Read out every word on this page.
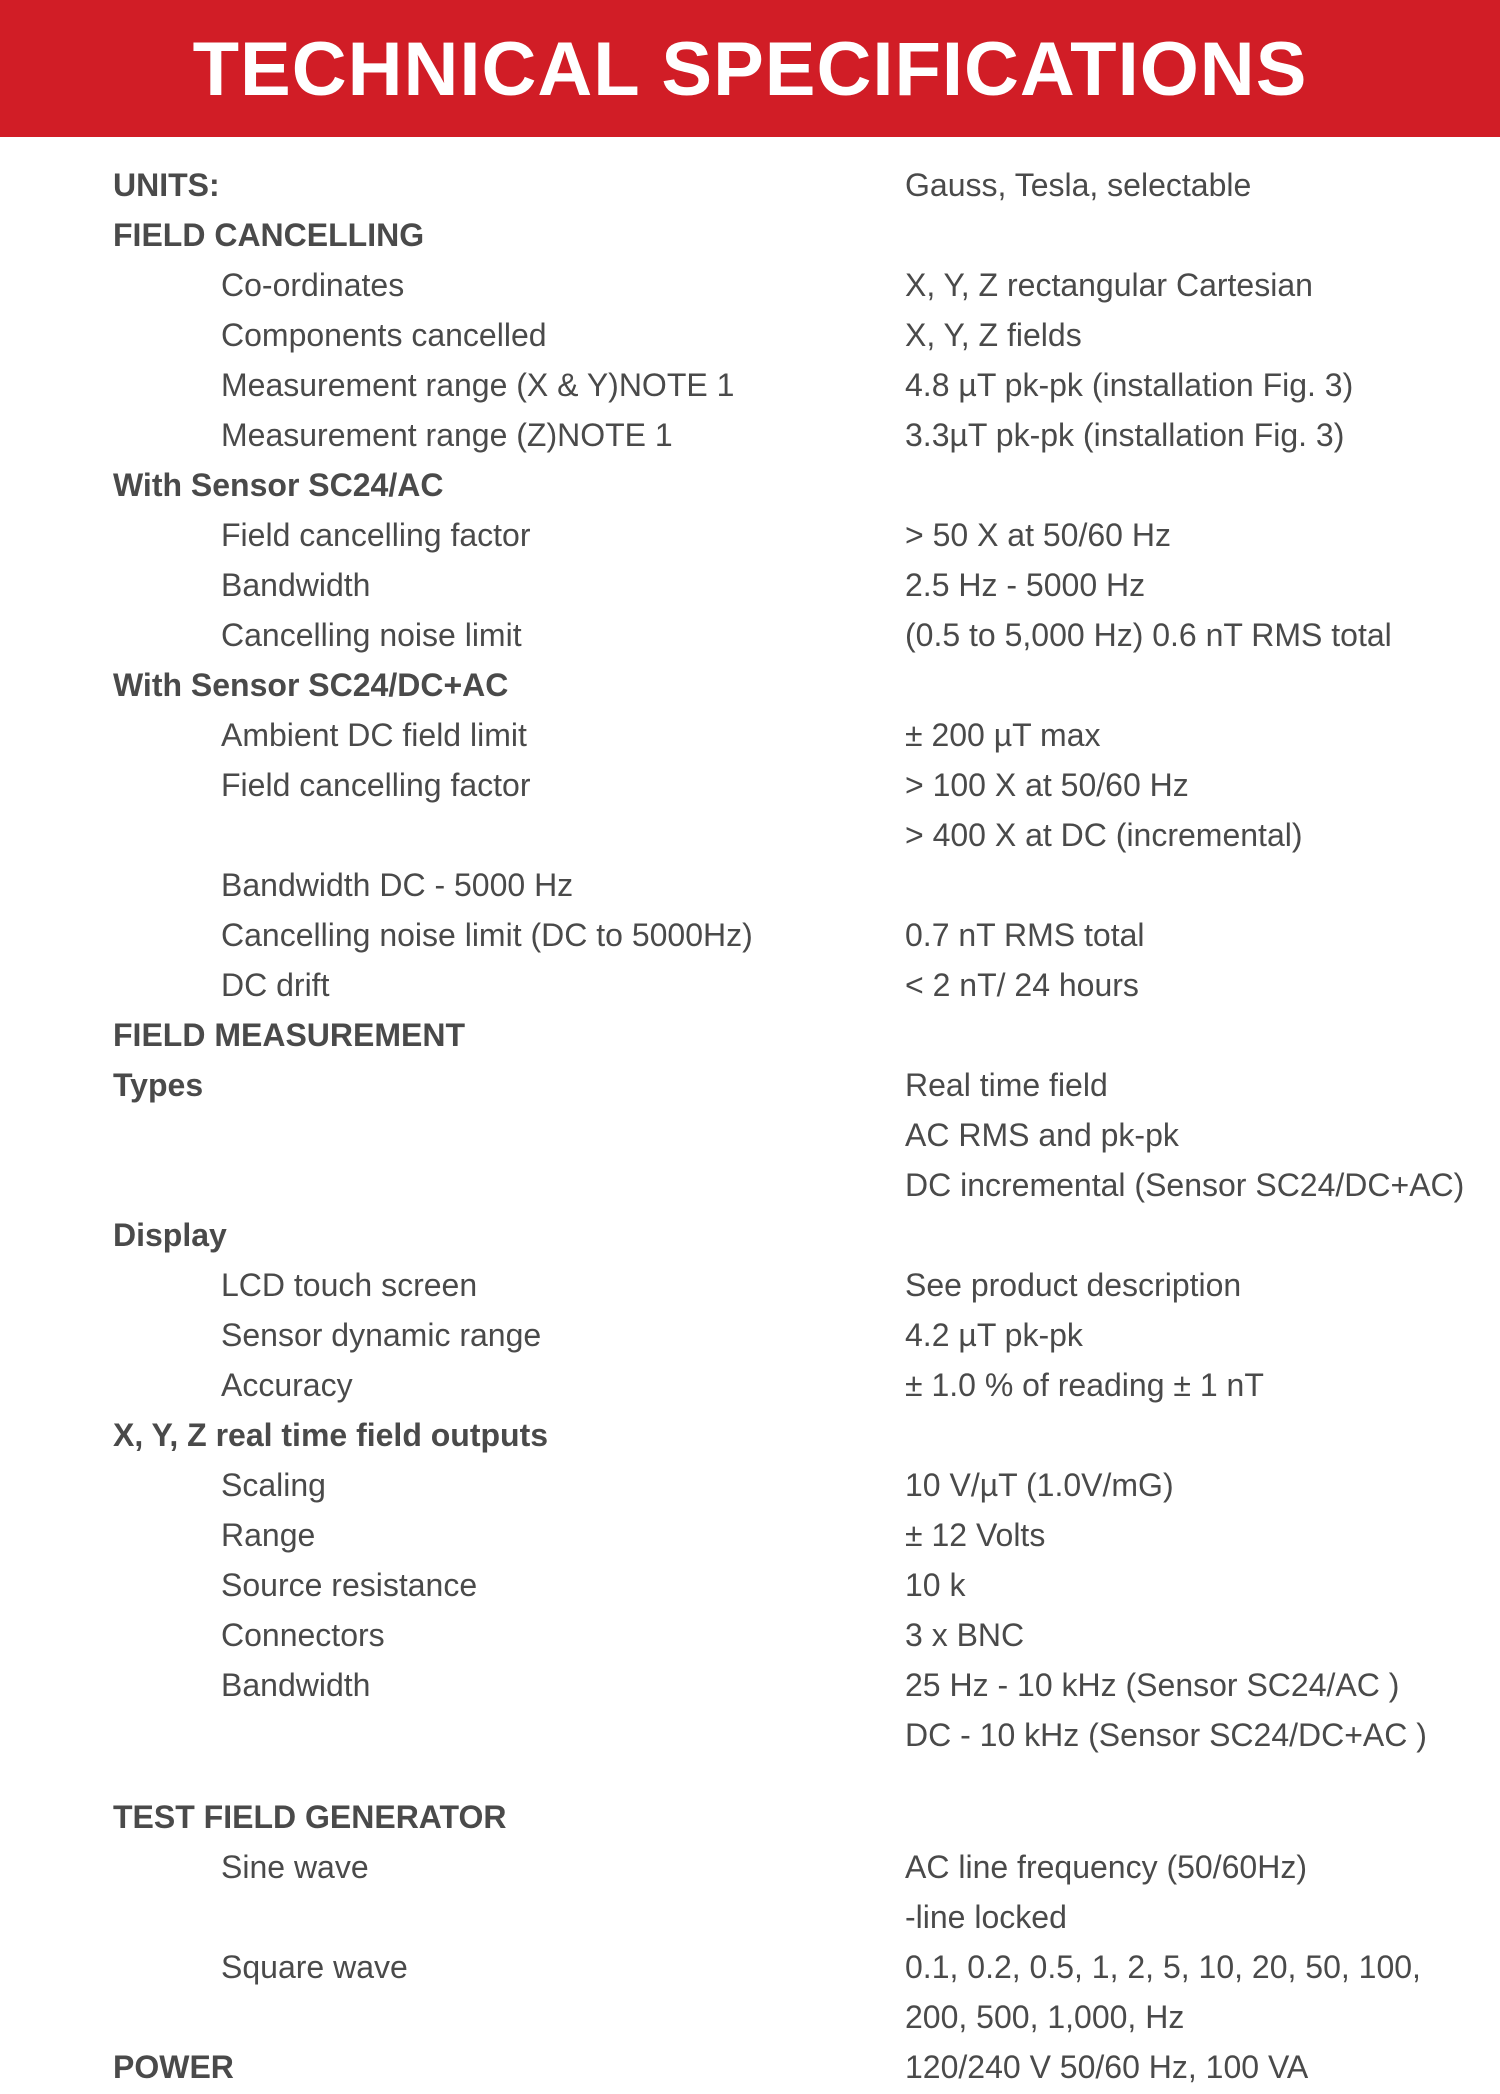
TECHNICAL SPECIFICATIONS
UNITS:	Gauss, Tesla, selectable
FIELD CANCELLING
Co-ordinates	X, Y, Z rectangular Cartesian
Components cancelled	X, Y, Z fields
Measurement range (X & Y)NOTE 1	4.8 µT pk-pk (installation Fig. 3)
Measurement range (Z)NOTE 1	3.3µT pk-pk (installation Fig. 3)
With Sensor SC24/AC
Field cancelling factor	> 50 X at 50/60 Hz
Bandwidth	2.5 Hz - 5000 Hz
Cancelling noise limit	(0.5 to 5,000 Hz) 0.6 nT RMS total
With Sensor SC24/DC+AC
Ambient DC field limit	± 200 µT max
Field cancelling factor	> 100 X at 50/60 Hz
> 400 X at DC (incremental)
Bandwidth DC - 5000 Hz
Cancelling noise limit (DC to 5000Hz)	0.7 nT RMS total
DC drift	< 2 nT/ 24 hours
FIELD MEASUREMENT
Types	Real time field
AC RMS and pk-pk
DC incremental (Sensor SC24/DC+AC)
Display
LCD touch screen	See product description
Sensor dynamic range	4.2 µT pk-pk
Accuracy	± 1.0 % of reading ± 1 nT
X, Y, Z real time field outputs
Scaling	10 V/µT (1.0V/mG)
Range	± 12 Volts
Source resistance	10 k
Connectors	3 x BNC
Bandwidth	25 Hz - 10 kHz (Sensor SC24/AC )
DC - 10 kHz (Sensor SC24/DC+AC )
TEST FIELD GENERATOR
Sine wave	AC line frequency (50/60Hz)
-line locked
Square wave	0.1, 0.2, 0.5, 1, 2, 5, 10, 20, 50, 100,
200, 500, 1,000, Hz
POWER	120/240 V 50/60 Hz, 100 VA
